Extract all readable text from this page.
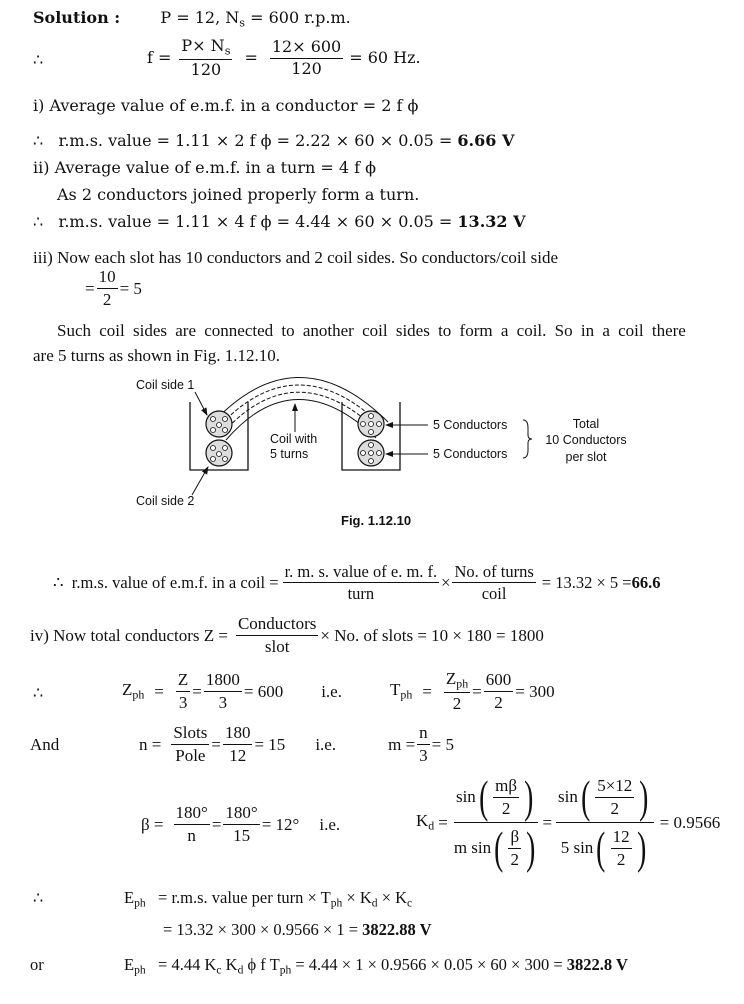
Solution :	P = 12, $N_s = 600$ r.p.m.
∴	$f = \frac{P\times N_s}{120} = \frac{12\times 600}{120} = 60$ Hz.
i) Average value of e.m.f. in a conductor = 2 f ϕ
∴ r.m.s. value = 1.11 × 2 f ϕ = 2.22 × 60 × 0.05 = 6.66 V
ii) Average value of e.m.f. in a turn = 4 f ϕ
As 2 conductors joined properly form a turn.
∴ r.m.s. value = 1.11 × 4 f ϕ = 4.44 × 60 × 0.05 = 13.32 V
iii) Now each slot has 10 conductors and 2 coil sides. So conductors/coil side
= $\frac{10}{2} = 5$
Such coil sides are connected to another coil sides to form a coil. So in a coil there
are 5 turns as shown in Fig. 1.12.10.
Coil side 1
Coil side 2
Coil with
5 turns
5 Conductors
5 Conductors
Total
10 Conductors
per slot
Fig. 1.12.10
∴
r.m.s. value of e.m.f. in a coil = $\frac{\text{r. m. s. value of e. m. f.}}{\text{turn}} \times \frac{\text{No. of turns}}{\text{coil}} = 13.32 \times 5 = 66.6$
iv) Now total conductors $Z = \frac{\text{Conductors}}{\text{slot}} \times No$. of slots = 10 × 180 = 1800
∴	$Z_{ph} = \frac{Z}{3} = \frac{1800}{3} = 600$ i.e.	$T_{ph} = \frac{Z_{ph}}{2} = \frac{600}{2} = 300$
And	$n = \frac{\text{Slots}}{\text{Pole}} = \frac{180}{12} = 15$ i.e.	$m = \frac{n}{3} = 5$
$\beta = \frac{180^\circ}{n} = \frac{180^\circ}{15} = 12^\circ$ i.e.	$K_d = \frac{\sin ( \frac{m\beta}{2} )}{m \sin ( \frac{\beta}{2} )} = \frac{\sin ( \frac{5\times 12}{2} )}{5 \sin ( \frac{12}{2} )} = 0.9566$
∴	$E_{ph} = r.m.s$. value per turn × $T_{ph} \times K_d \times K_c$
= 13.32 × 300 × 0.9566 × 1 = 3822.88 V
or	$E_{ph} = 4.44$ $K_c$ $K_d$ ϕ f $T_{ph} = 4.44 \times 1 \times 0.9566 \times 0.05 \times 60 \times 300 = 3822.8$ V
